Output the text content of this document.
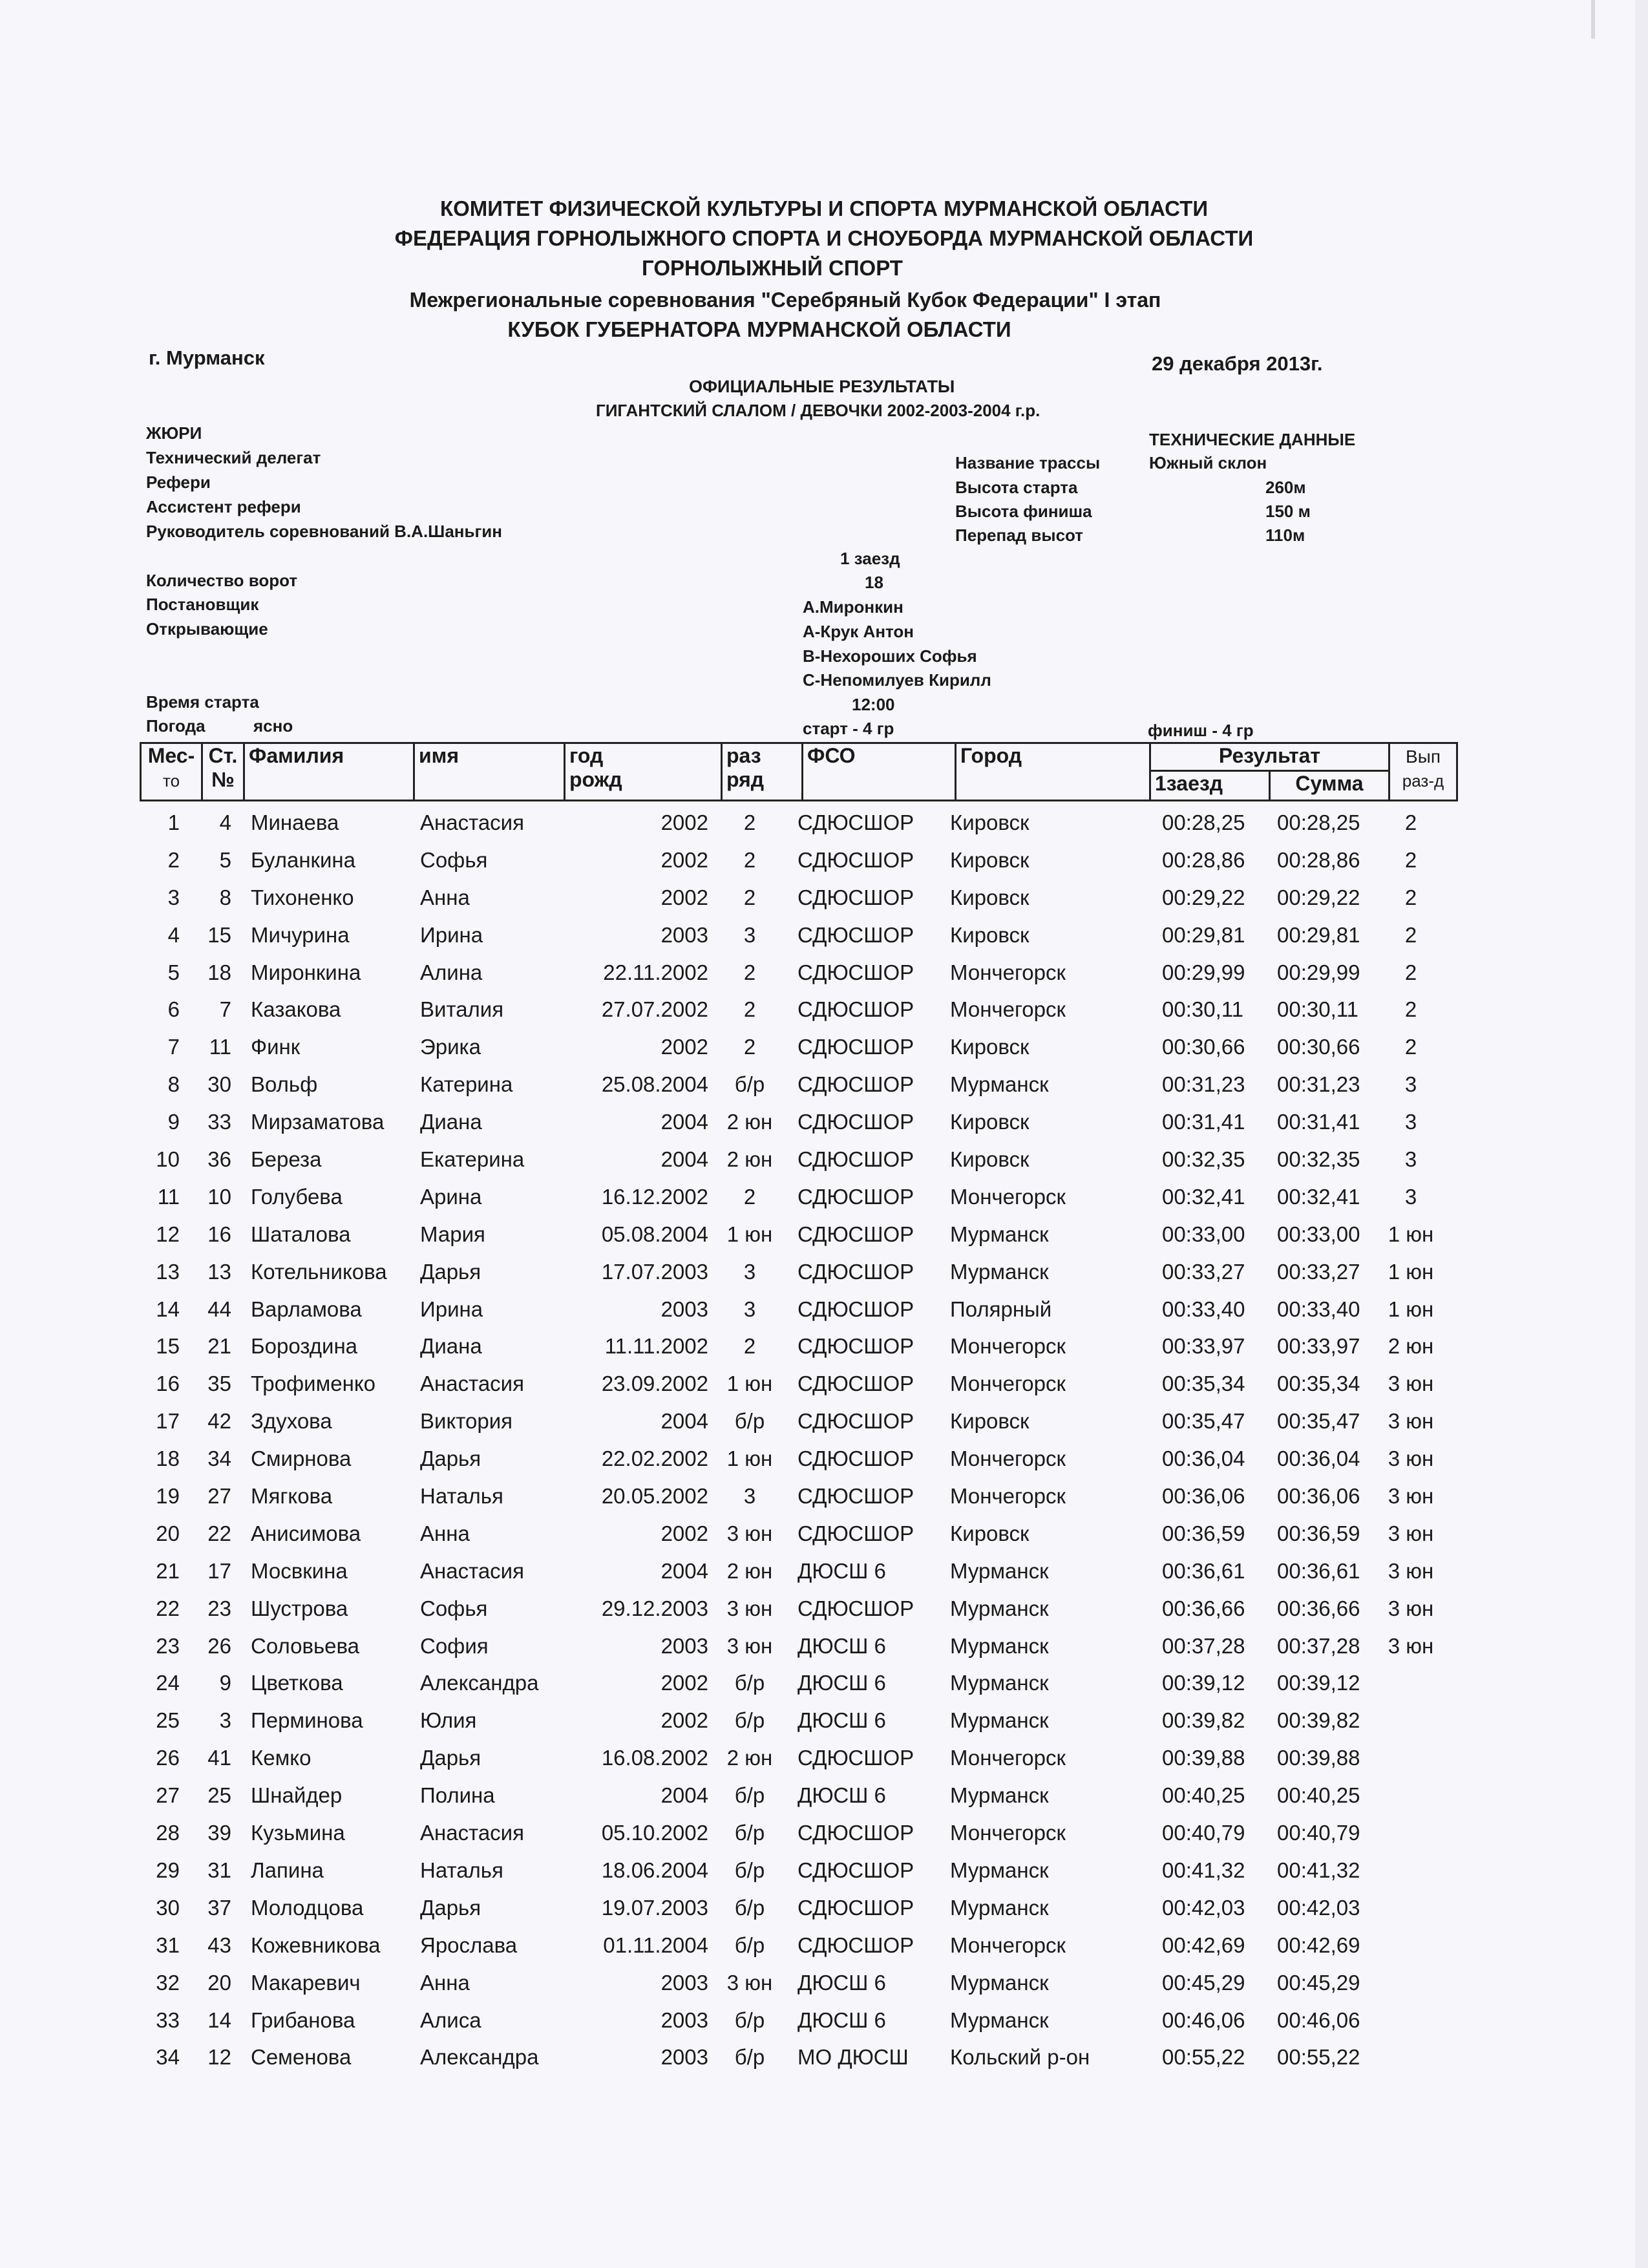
КОМИТЕТ ФИЗИЧЕСКОЙ КУЛЬТУРЫ И СПОРТА МУРМАНСКОЙ ОБЛАСТИ
ФЕДЕРАЦИЯ ГОРНОЛЫЖНОГО СПОРТА И СНОУБОРДА МУРМАНСКОЙ ОБЛАСТИ
ГОРНОЛЫЖНЫЙ СПОРТ
Межрегиональные соревнования "Серебряный Кубок Федерации" I этап
КУБОК ГУБЕРНАТОРА МУРМАНСКОЙ ОБЛАСТИ
г. Мурманск	29 декабря 2013г.
ОФИЦИАЛЬНЫЕ РЕЗУЛЬТАТЫ
ГИГАНТСКИЙ СЛАЛОМ / ДЕВОЧКИ 2002-2003-2004 г.р.
ЖЮРИ
Технический делегат
Рефери
Ассистент рефери
Руководитель соревнований В.А.Шаньгин
ТЕХНИЧЕСКИЕ ДАННЫЕ
Название трассы	Южный склон
Высота старта	260м
Высота финиша	150 м
Перепад высот	110м
1 заезд
Количество ворот	18
Постановщик	А.Миронкин
Открывающие	А-Крук Антон
В-Нехороших Софья
С-Непомилуев Кирилл
Время старта	12:00
Погода	ясно	старт - 4 гр	финиш - 4 гр
Мес-
то	Ст.
№	Фамилия	имя	год
рожд	раз
ряд	ФСО	Город	Результат		Вып
раз-д
								1заезд	Сумма	
1	4 Минаева	Анастасия	2002	2	СДЮСШОР	Кировск	00:28,25	00:28,25	2
2	5 Буланкина	Софья	2002	2	СДЮСШОР	Кировск	00:28,86	00:28,86	2
3	8 Тихоненко	Анна	2002	2	СДЮСШОР	Кировск	00:29,22	00:29,22	2
4	15 Мичурина	Ирина	2003	3	СДЮСШОР	Кировск	00:29,81	00:29,81	2
5	18 Миронкина	Алина	22.11.2002	2	СДЮСШОР	Мончегорск	00:29,99	00:29,99	2
6	7 Казакова	Виталия	27.07.2002	2	СДЮСШОР	Мончегорск	00:30,11	00:30,11	2
7	11 Финк	Эрика	2002	2	СДЮСШОР	Кировск	00:30,66	00:30,66	2
8	30 Вольф	Катерина	25.08.2004	б/р	СДЮСШОР	Мурманск	00:31,23	00:31,23	3
9	33 Мирзаматова	Диана	2004 2 юн	СДЮСШОР	Кировск	00:31,41	00:31,41	3
10	36 Береза	Екатерина	2004 2 юн	СДЮСШОР	Кировск	00:32,35	00:32,35	3
11	10 Голубева	Арина	16.12.2002	2	СДЮСШОР	Мончегорск	00:32,41	00:32,41	3
12	16 Шаталова	Мария	05.08.2004 1 юн	СДЮСШОР	Мурманск	00:33,00	00:33,00	1 юн
13	13 Котельникова	Дарья	17.07.2003	3	СДЮСШОР	Мурманск	00:33,27	00:33,27	1 юн
14	44 Варламова	Ирина	2003	3	СДЮСШОР	Полярный	00:33,40	00:33,40	1 юн
15	21 Бороздина	Диана	11.11.2002	2	СДЮСШОР	Мончегорск	00:33,97	00:33,97	2 юн
16	35 Трофименко	Анастасия	23.09.2002 1 юн	СДЮСШОР	Мончегорск	00:35,34	00:35,34	3 юн
17	42 Здухова	Виктория	2004	б/р	СДЮСШОР	Кировск	00:35,47	00:35,47	3 юн
18	34 Смирнова	Дарья	22.02.2002 1 юн	СДЮСШОР	Мончегорск	00:36,04	00:36,04	3 юн
19	27 Мягкова	Наталья	20.05.2002	3	СДЮСШОР	Мончегорск	00:36,06	00:36,06	3 юн
20	22 Анисимова	Анна	2002 3 юн	СДЮСШОР	Кировск	00:36,59	00:36,59	3 юн
21	17 Мосвкина	Анастасия	2004 2 юн	ДЮСШ 6	Мурманск	00:36,61	00:36,61	3 юн
22	23 Шустрова	Софья	29.12.2003 3 юн	СДЮСШОР	Мурманск	00:36,66	00:36,66	3 юн
23	26 Соловьева	София	2003 3 юн	ДЮСШ 6	Мурманск	00:37,28	00:37,28	3 юн
24	9 Цветкова	Александра	2002	б/р	ДЮСШ 6	Мурманск	00:39,12	00:39,12
25	3 Перминова	Юлия	2002	б/р	ДЮСШ 6	Мурманск	00:39,82	00:39,82
26	41 Кемко	Дарья	16.08.2002 2 юн	СДЮСШОР	Мончегорск	00:39,88	00:39,88
27	25 Шнайдер	Полина	2004	б/р	ДЮСШ 6	Мурманск	00:40,25	00:40,25
28	39 Кузьмина	Анастасия	05.10.2002	б/р	СДЮСШОР	Мончегорск	00:40,79	00:40,79
29	31 Лапина	Наталья	18.06.2004	б/р	СДЮСШОР	Мурманск	00:41,32	00:41,32
30	37 Молодцова	Дарья	19.07.2003	б/р	СДЮСШОР	Мурманск	00:42,03	00:42,03
31	43 Кожевникова	Ярослава	01.11.2004	б/р	СДЮСШОР	Мончегорск	00:42,69	00:42,69
32	20 Макаревич	Анна	2003 3 юн	ДЮСШ 6	Мурманск	00:45,29	00:45,29
33	14 Грибанова	Алиса	2003	б/р	ДЮСШ 6	Мурманск	00:46,06	00:46,06
34	12 Семенова	Александра	2003	б/р	МО ДЮСШ	Кольский р-он	00:55,22	00:55,22
